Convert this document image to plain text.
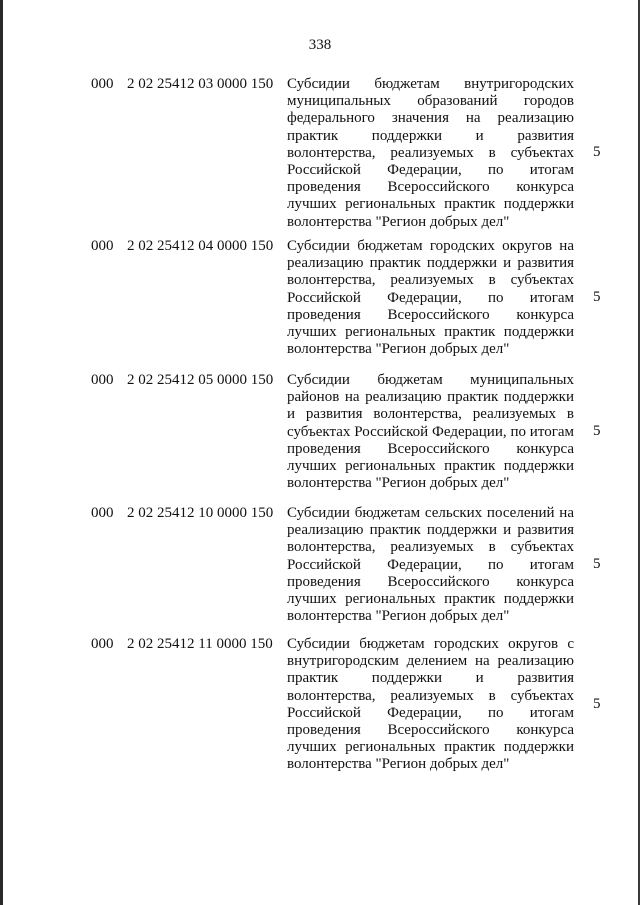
338
000 2 02 25412 03 0000 150 Субсидии бюджетам внутригородских
муниципальных образований городов
федерального значения на реализацию
практик поддержки и развития
волонтерства, реализуемых в субъектах
Российской Федерации, по итогам
проведения Всероссийского конкурса
лучших региональных практик поддержки
волонтерства "Регион добрых дел"
5
000 2 02 25412 04 0000 150 Субсидии бюджетам городских округов на
реализацию практик поддержки и развития
волонтерства, реализуемых в субъектах
Российской Федерации, по итогам
проведения Всероссийского конкурса
лучших региональных практик поддержки
волонтерства "Регион добрых дел"
5
000 2 02 25412 05 0000 150 Субсидии бюджетам муниципальных
районов на реализацию практик поддержки
и развития волонтерства, реализуемых в
субъектах Российской Федерации, по итогам
проведения Всероссийского конкурса
лучших региональных практик поддержки
волонтерства "Регион добрых дел"
5
000 2 02 25412 10 0000 150 Субсидии бюджетам сельских поселений на
реализацию практик поддержки и развития
волонтерства, реализуемых в субъектах
Российской Федерации, по итогам
проведения Всероссийского конкурса
лучших региональных практик поддержки
волонтерства "Регион добрых дел"
5
000 2 02 25412 11 0000 150 Субсидии бюджетам городских округов с
внутригородским делением на реализацию
практик поддержки и развития
волонтерства, реализуемых в субъектах
Российской Федерации, по итогам
проведения Всероссийского конкурса
лучших региональных практик поддержки
волонтерства "Регион добрых дел"
5
